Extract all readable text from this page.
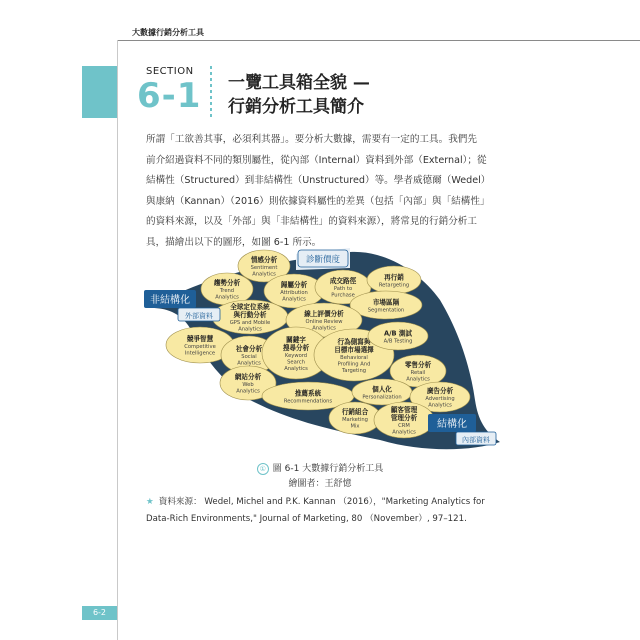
大數據行銷分析工具
SECTION
6-1 一覽工具箱全貌 —
行銷分析工具簡介

所謂「工欲善其事，必須利其器」。要分析大數據，需要有一定的工具。我們先

前介紹過資料不同的類別屬性，從內部（Internal）資料到外部（External）；從

結構性（Structured）到非結構性（Unstructured）等。學者威德爾（Wedel）

與康納（Kannan）（2016）則依據資料屬性的差異（包括「內部」與「結構性」

的資料來源，以及「外部」與「非結構性」的資料來源），將常見的行銷分析工

具，描繪出以下的圖形，如圖 6-1 所示。

情感分析
Sentiment
Analytics
趨勢分析
Trend
Analytics
歸屬分析
Attribution
Analytics
成交路徑
Path to
Purchase
再行銷
Retargeting
全球定位系統
與行動分析
GPS and Mobile
Analytics
市場區隔
Segmentation
線上評價分析
Online Review
Analytics
競爭智慧
Competitive
Intelligence
社會分析
Social
Analytics
關鍵字
搜尋分析
Keyword
Search
Analytics
行為側寫與
目標市場選擇
Behavioral
Profiling And
Targeting
A/B 測試
A/B Testing
網站分析
Web
Analytics
零售分析
Retail
Analytics
推薦系統
Recommendations
個人化
Personalization
廣告分析
Advertising
Analytics
行銷組合
Marketing
Mix
顧客管理
管理分析
CRM
Analytics
診斷價度
非結構化
外部資料
結構化
內部資料
① 圖 6-1 大數據行銷分析工具
繪圖者：王舒憶

★ 資料來源： Wedel, Michel and P.K. Kannan （2016），"Marketing Analytics for

Data-Rich Environments," Journal of Marketing, 80 （November）, 97–121.

6-2
